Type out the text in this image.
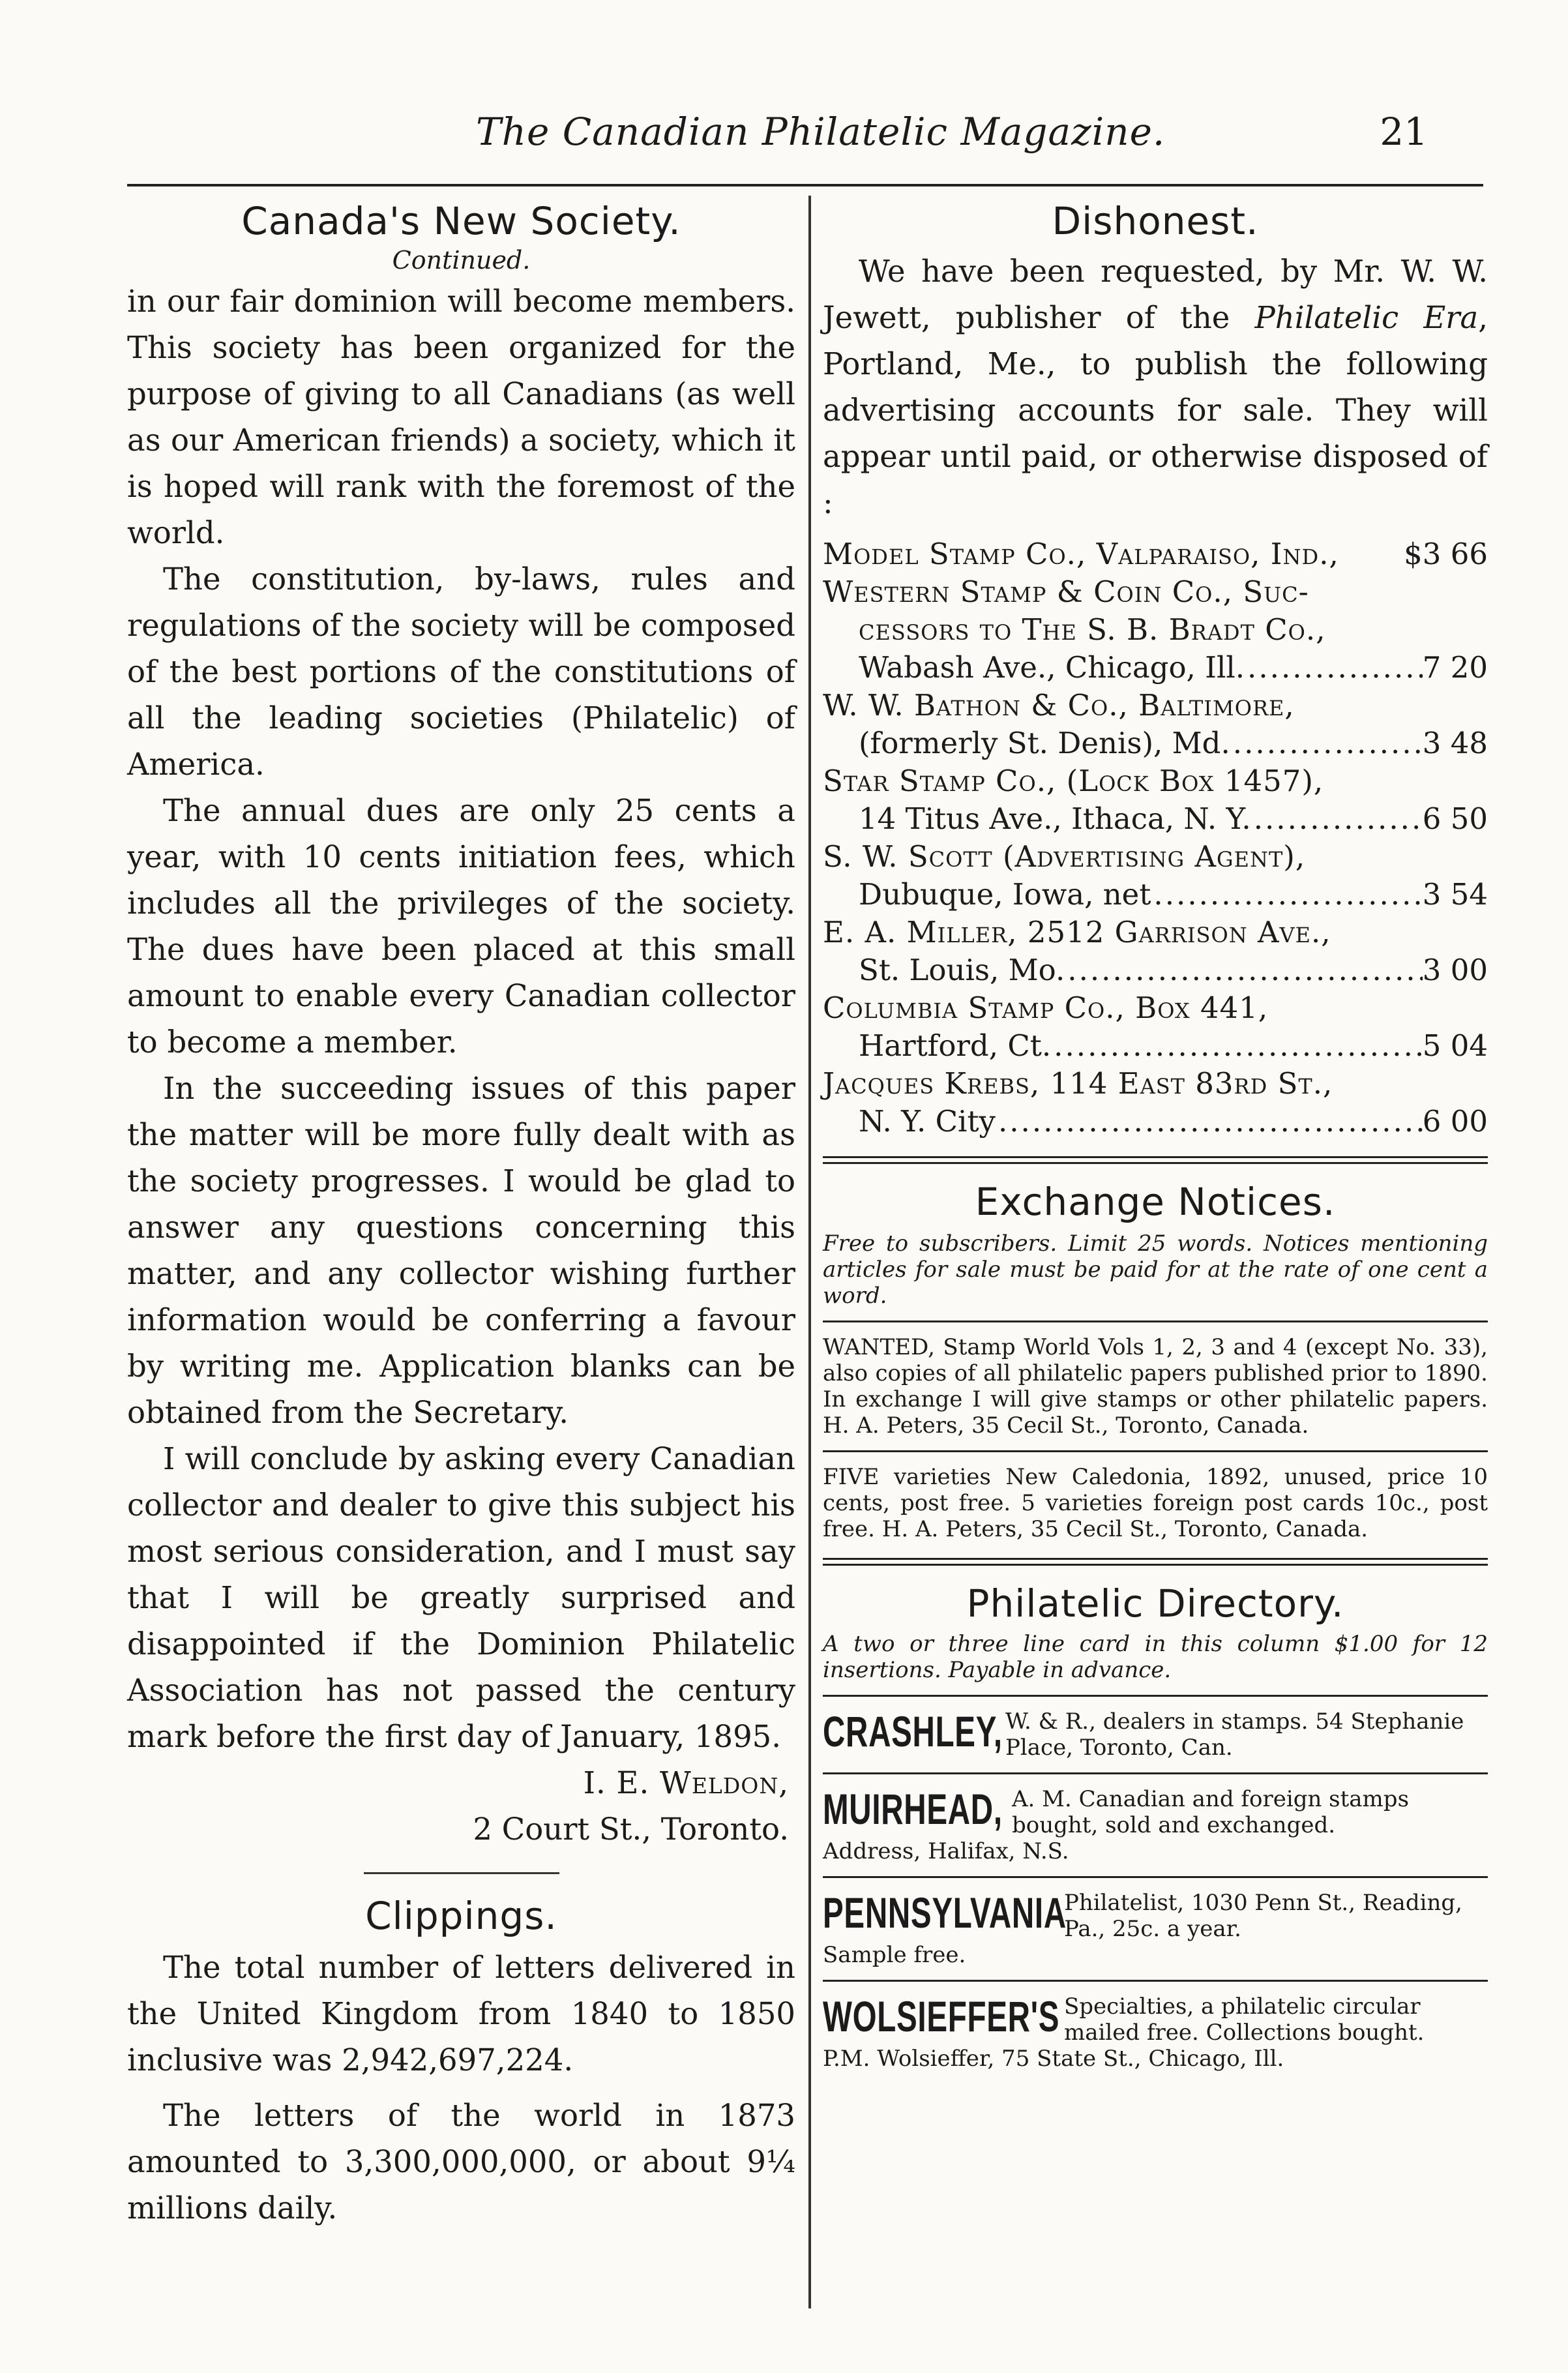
The Canadian Philatelic Magazine.	21
Canada's New Society.
Continued.

in our fair dominion will become members. This society has been organized for the purpose of giving to all Canadians (as well as our American friends) a society, which it is hoped will rank with the foremost of the world.

The constitution, by-laws, rules and regulations of the society will be composed of the best portions of the constitutions of all the leading societies (Philatelic) of America.

The annual dues are only 25 cents a year, with 10 cents initiation fees, which includes all the privileges of the society. The dues have been placed at this small amount to enable every Canadian collector to become a member.

In the succeeding issues of this paper the matter will be more fully dealt with as the society progresses. I would be glad to answer any questions concerning this matter, and any collector wishing further information would be conferring a favour by writing me. Application blanks can be obtained from the Secretary.

I will conclude by asking every Canadian collector and dealer to give this subject his most serious consideration, and I must say that I will be greatly surprised and disappointed if the Dominion Philatelic Association has not passed the century mark before the first day of January, 1895.

I. E. Weldon,
2 Court St., Toronto.
Clippings.

The total number of letters delivered in the United Kingdom from 1840 to 1850 inclusive was 2,942,697,224.

The letters of the world in 1873 amounted to 3,300,000,000, or about 9¼ millions daily.

Dishonest.

We have been requested, by Mr. W. W. Jewett, publisher of the Philatelic Era, Portland, Me., to publish the following advertising accounts for sale. They will appear until paid, or otherwise disposed of :

Model Stamp Co., Valparaiso, Ind., $3 66
Western Stamp & Coin Co., Suc-
cessors to The S. B. Bradt Co.,
Wabash Ave., Chicago, Ill. .....	7 20
W. W. Bathon & Co., Baltimore,
(formerly St. Denis), Md. .....	3 48
Star Stamp Co., (Lock Box 1457),
14 Titus Ave., Ithaca, N. Y. .....	6 50
S. W. Scott (Advertising Agent),
Dubuque, Iowa, net .....	3 54
E. A. Miller, 2512 Garrison Ave.,
St. Louis, Mo. .....	3 00
Columbia Stamp Co., Box 441,
Hartford, Ct. .....	5 04
Jacques Krebs, 114 East 83rd St.,
N. Y. City .....	6 00
Exchange Notices.

Free to subscribers. Limit 25 words. Notices mentioning articles for sale must be paid for at the rate of one cent a word.

WANTED, Stamp World Vols 1, 2, 3 and 4 (except No. 33), also copies of all philatelic papers published prior to 1890. In exchange I will give stamps or other philatelic papers. H. A. Peters, 35 Cecil St., Toronto, Canada.

FIVE varieties New Caledonia, 1892, unused, price 10 cents, post free. 5 varieties foreign post cards 10c., post free. H. A. Peters, 35 Cecil St., Toronto, Canada.

Philatelic Directory.

A two or three line card in this column $1.00 for 12 insertions. Payable in advance.

CRASHLEY, W. & R., dealers in stamps. 54 Stephanie Place, Toronto, Can.
MUIRHEAD, A. M. Canadian and foreign stamps bought, sold and exchanged.
Address, Halifax, N.S.
PENNSYLVANIA
Philatelist, 1030 Penn St., Reading, Pa., 25c. a year.
Sample free.
WOLSIEFFER'S Specialties, a philatelic circular mailed free. Collections bought.
P.M. Wolsieffer, 75 State St., Chicago, Ill.
